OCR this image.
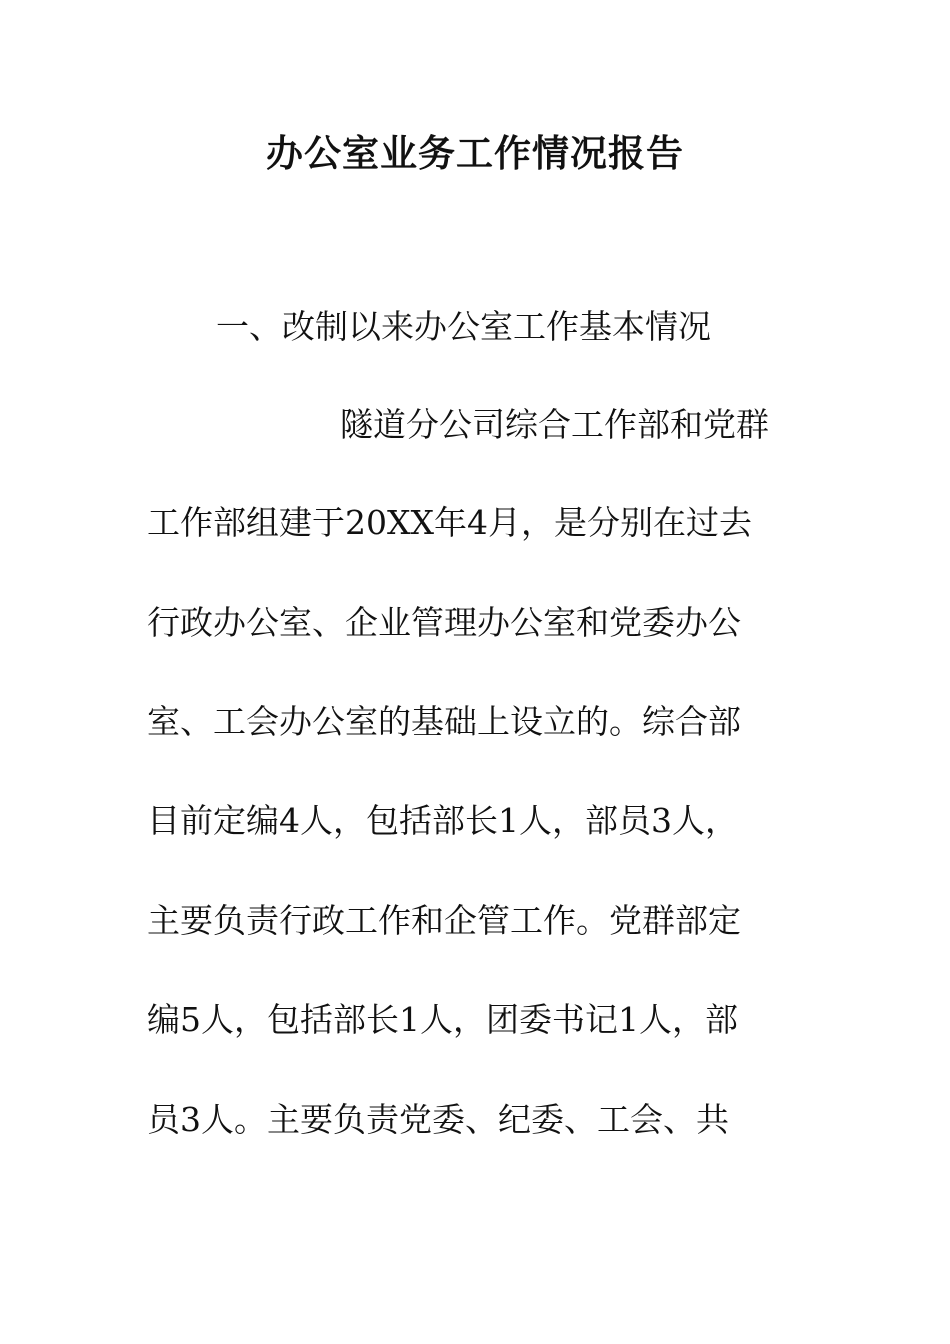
办公室业务工作情况报告
一、改制以来办公室工作基本情况
隧道分公司综合工作部和党群
工作部组建于20XX年4月，是分别在过去
行政办公室、企业管理办公室和党委办公
室、工会办公室的基础上设立的。综合部
目前定编4人，包括部长1人，部员3人，
主要负责行政工作和企管工作。党群部定
编5人，包括部长1人，团委书记1人，部
员3人。主要负责党委、纪委、工会、共
